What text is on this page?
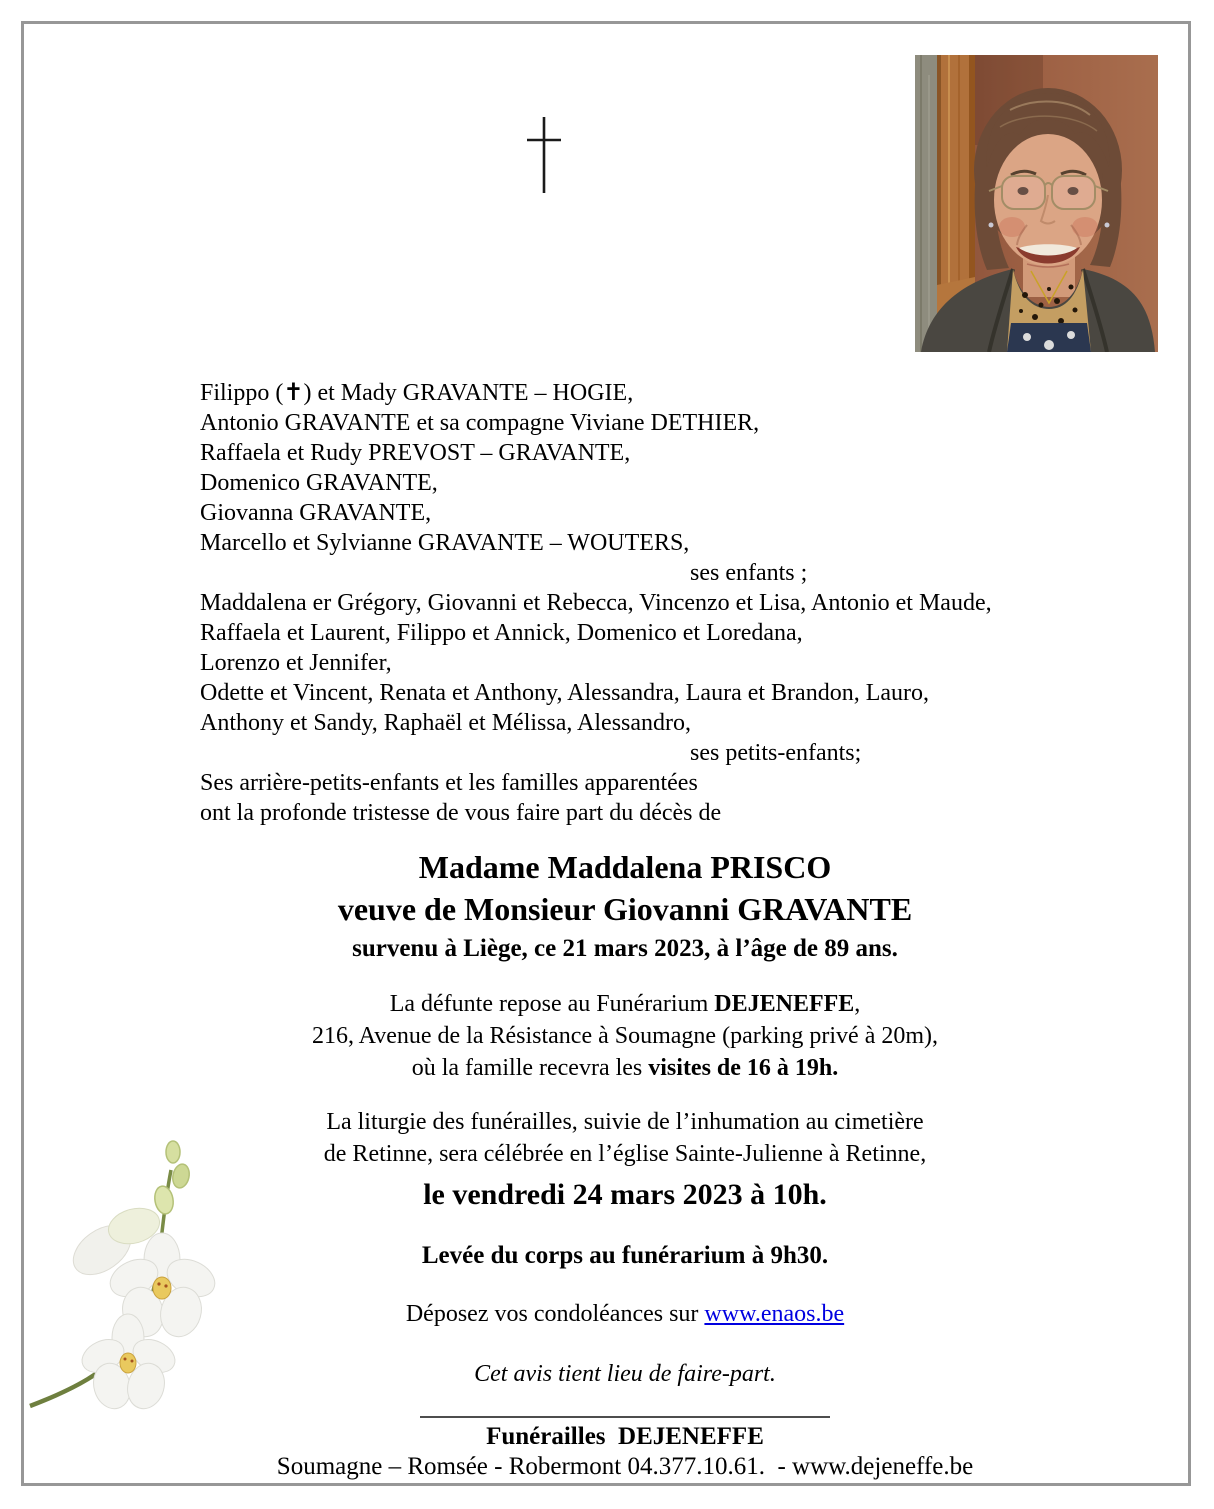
Filippo (✝) et Mady GRAVANTE – HOGIE,
Antonio GRAVANTE et sa compagne Viviane DETHIER,
Raffaela et Rudy PREVOST – GRAVANTE,
Domenico GRAVANTE,
Giovanna GRAVANTE,
Marcello et Sylvianne GRAVANTE – WOUTERS,
ses enfants ;
Maddalena er Grégory, Giovanni et Rebecca, Vincenzo et Lisa, Antonio et Maude,
Raffaela et Laurent, Filippo et Annick, Domenico et Loredana,
Lorenzo et Jennifer,
Odette et Vincent, Renata et Anthony, Alessandra, Laura et Brandon, Lauro,
Anthony et Sandy, Raphaël et Mélissa, Alessandro,
ses petits-enfants;
Ses arrière-petits-enfants et les familles apparentées
ont la profonde tristesse de vous faire part du décès de
Madame Maddalena PRISCO
veuve de Monsieur Giovanni GRAVANTE
survenu à Liège, ce 21 mars 2023, à l’âge de 89 ans.
La défunte repose au Funérarium DEJENEFFE,
216, Avenue de la Résistance à Soumagne (parking privé à 20m),
où la famille recevra les visites de 16 à 19h.
La liturgie des funérailles, suivie de l’inhumation au cimetière
de Retinne, sera célébrée en l’église Sainte-Julienne à Retinne,
le vendredi 24 mars 2023 à 10h.
Levée du corps au funérarium à 9h30.
Déposez vos condoléances sur www.enaos.be
Cet avis tient lieu de faire-part.
Funérailles  DEJENEFFE
Soumagne – Romsée - Robermont 04.377.10.61.  - www.dejeneffe.be
